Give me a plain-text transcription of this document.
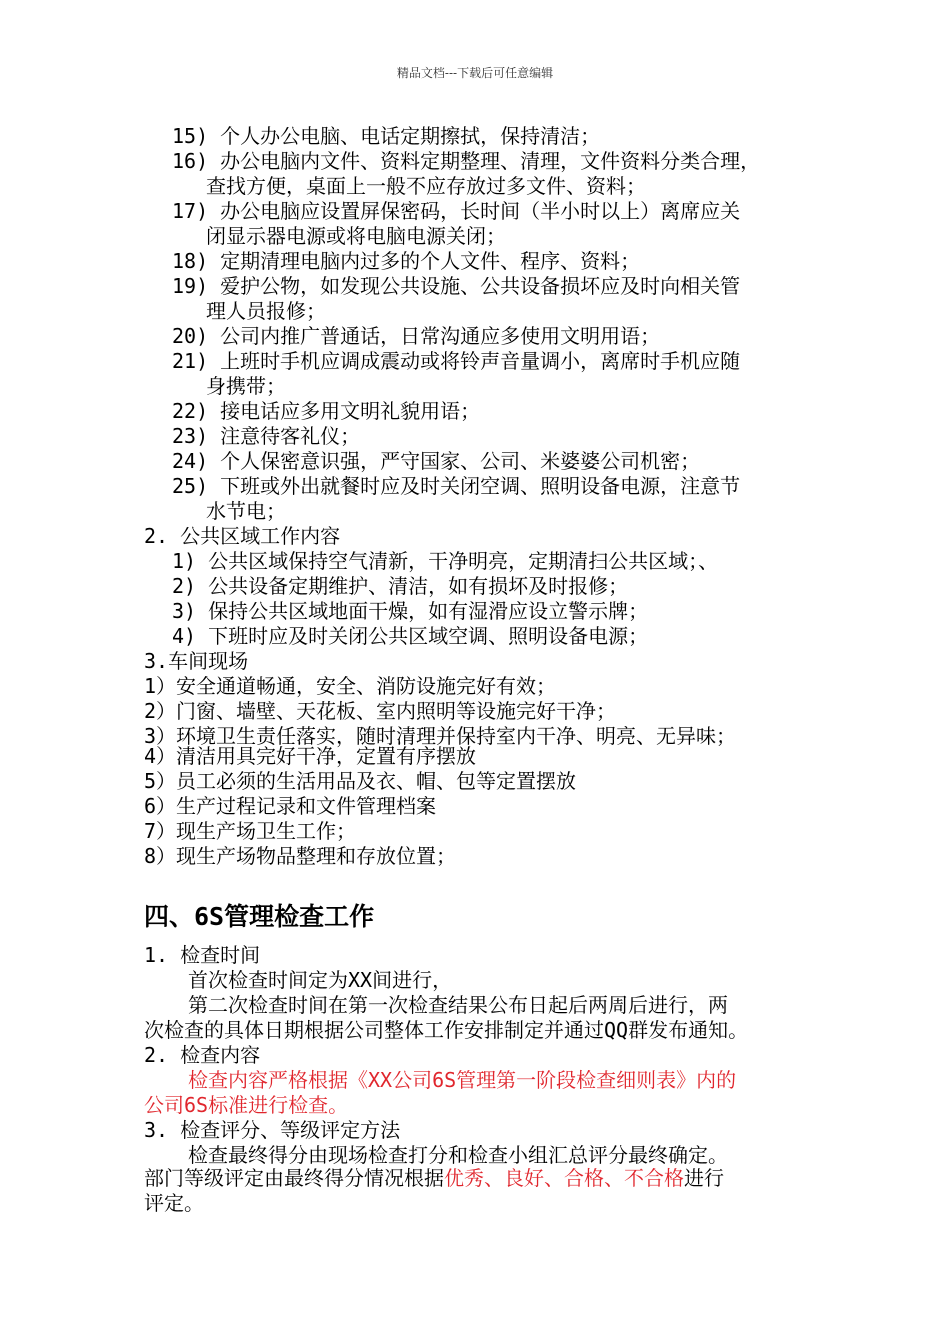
精品文档---下载后可任意编辑
15) 个人办公电脑、电话定期擦拭，保持清洁；
16) 办公电脑内文件、资料定期整理、清理，文件资料分类合理，
查找方便，桌面上一般不应存放过多文件、资料；
17) 办公电脑应设置屏保密码，长时间（半小时以上）离席应关
闭显示器电源或将电脑电源关闭；
18) 定期清理电脑内过多的个人文件、程序、资料；
19) 爱护公物，如发现公共设施、公共设备损坏应及时向相关管
理人员报修；
20) 公司内推广普通话，日常沟通应多使用文明用语；
21) 上班时手机应调成震动或将铃声音量调小，离席时手机应随
身携带；
22) 接电话应多用文明礼貌用语；
23) 注意待客礼仪；
24) 个人保密意识强，严守国家、公司、米婆婆公司机密；
25) 下班或外出就餐时应及时关闭空调、照明设备电源，注意节
水节电；
2. 公共区域工作内容
1) 公共区域保持空气清新，干净明亮，定期清扫公共区域；、
2) 公共设备定期维护、清洁，如有损坏及时报修；
3) 保持公共区域地面干燥，如有湿滑应设立警示牌；
4) 下班时应及时关闭公共区域空调、照明设备电源；
3.车间现场
1）安全通道畅通，安全、消防设施完好有效；
2）门窗、墙壁、天花板、室内照明等设施完好干净；
3）环境卫生责任落实，随时清理并保持室内干净、明亮、无异味；
4）清洁用具完好干净，定置有序摆放
5）员工必须的生活用品及衣、帽、包等定置摆放
6）生产过程记录和文件管理档案
7）现生产场卫生工作；
8）现生产场物品整理和存放位置；
四、6S管理检查工作
1. 检查时间
首次检查时间定为XX间进行，
第二次检查时间在第一次检查结果公布日起后两周后进行，两
次检查的具体日期根据公司整体工作安排制定并通过QQ群发布通知。
2. 检查内容
检查内容严格根据《XX公司6S管理第一阶段检查细则表》内的
公司6S标准进行检查。
3. 检查评分、等级评定方法
检查最终得分由现场检查打分和检查小组汇总评分最终确定。
部门等级评定由最终得分情况根据优秀、良好、合格、不合格进行
评定。
